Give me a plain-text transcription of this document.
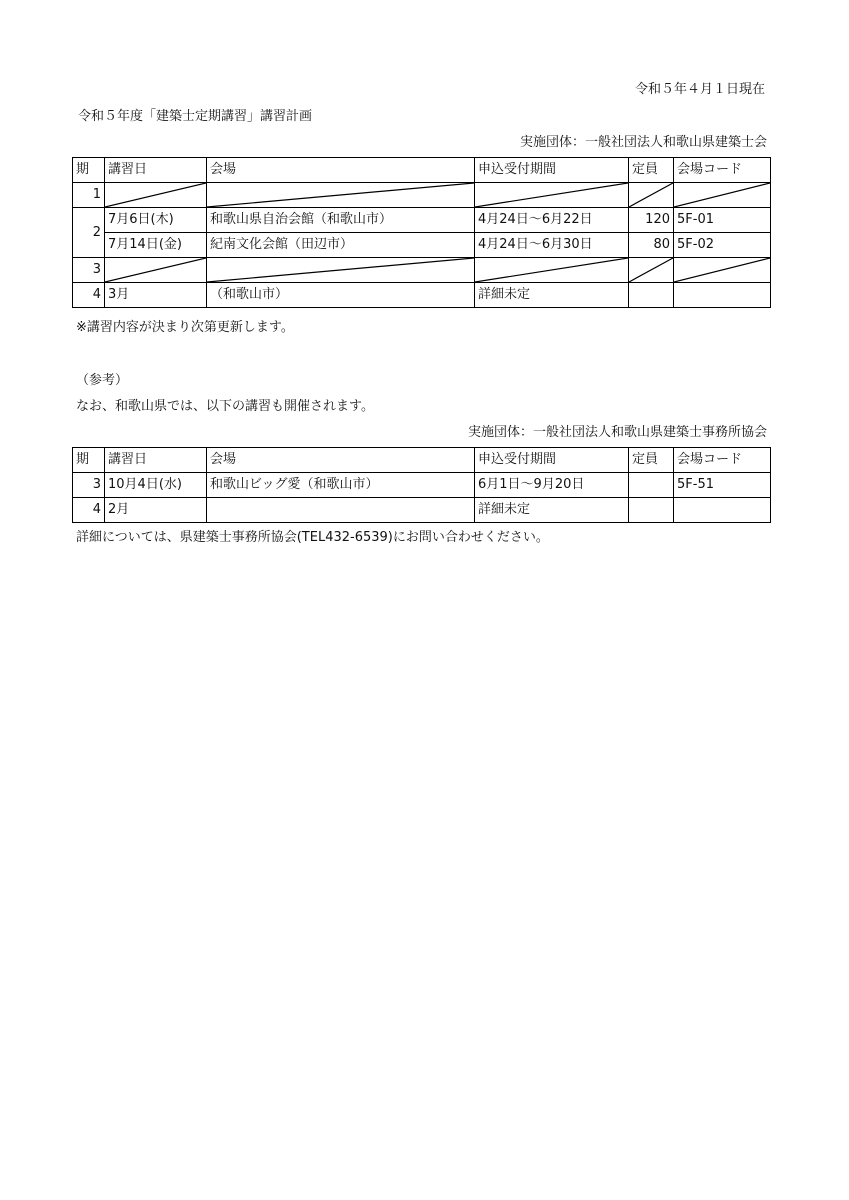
令和５年４月１日現在
令和５年度「建築士定期講習」講習計画
実施団体：一般社団法人和歌山県建築士会
期	講習日	会場	申込受付期間	定員	会場コード
1	

2	7月6日(木)	和歌山県自治会館（和歌山市）	4月24日～6月22日	120	5F-01
	7月14日(金)	紀南文化会館（田辺市）	4月24日～6月30日	80	5F-02
3	

4	3月	（和歌山市）	詳細未定		
※講習内容が決まり次第更新します。
（参考）
なお、和歌山県では、以下の講習も開催されます。
実施団体：一般社団法人和歌山県建築士事務所協会
期	講習日	会場	申込受付期間	定員	会場コード
3	10月4日(水)	和歌山ビッグ愛（和歌山市）	6月1日～9月20日		5F-51
4	2月		詳細未定		
詳細については、県建築士事務所協会(TEL432-6539)にお問い合わせください。
